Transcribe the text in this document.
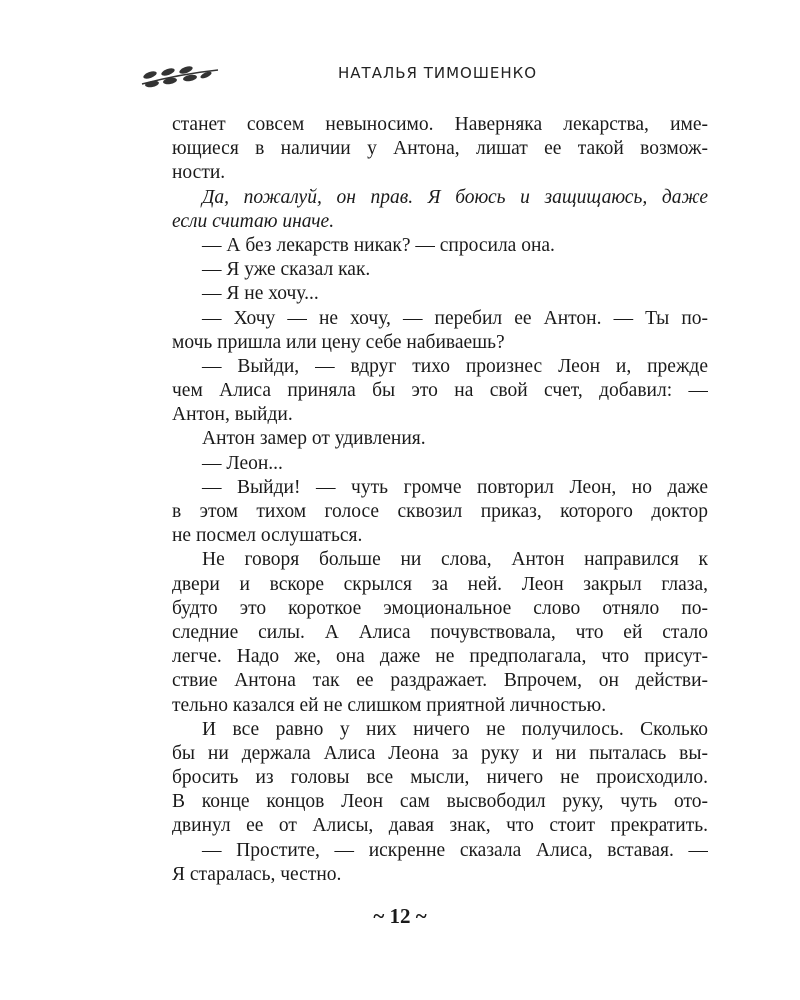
НАТАЛЬЯ ТИМОШЕНКО
станет совсем невыносимо. Наверняка лекарства, име-
ющиеся в наличии у Антона, лишат ее такой возмож-
ности.
Да, пожалуй, он прав. Я боюсь и защищаюсь, даже
если считаю иначе.
— А без лекарств никак? — спросила она.
— Я уже сказал как.
— Я не хочу...
— Хочу — не хочу, — перебил ее Антон. — Ты по-
мочь пришла или цену себе набиваешь?
— Выйди, — вдруг тихо произнес Леон и, прежде
чем Алиса приняла бы это на свой счет, добавил: —
Антон, выйди.
Антон замер от удивления.
— Леон...
— Выйди! — чуть громче повторил Леон, но даже
в этом тихом голосе сквозил приказ, которого доктор
не посмел ослушаться.
Не говоря больше ни слова, Антон направился к
двери и вскоре скрылся за ней. Леон закрыл глаза,
будто это короткое эмоциональное слово отняло по-
следние силы. А Алиса почувствовала, что ей стало
легче. Надо же, она даже не предполагала, что присут-
ствие Антона так ее раздражает. Впрочем, он действи-
тельно казался ей не слишком приятной личностью.
И все равно у них ничего не получилось. Сколько
бы ни держала Алиса Леона за руку и ни пыталась вы-
бросить из головы все мысли, ничего не происходило.
В конце концов Леон сам высвободил руку, чуть ото-
двинул ее от Алисы, давая знак, что стоит прекратить.
— Простите, — искренне сказала Алиса, вставая. —
Я старалась, честно.
~ 12 ~
